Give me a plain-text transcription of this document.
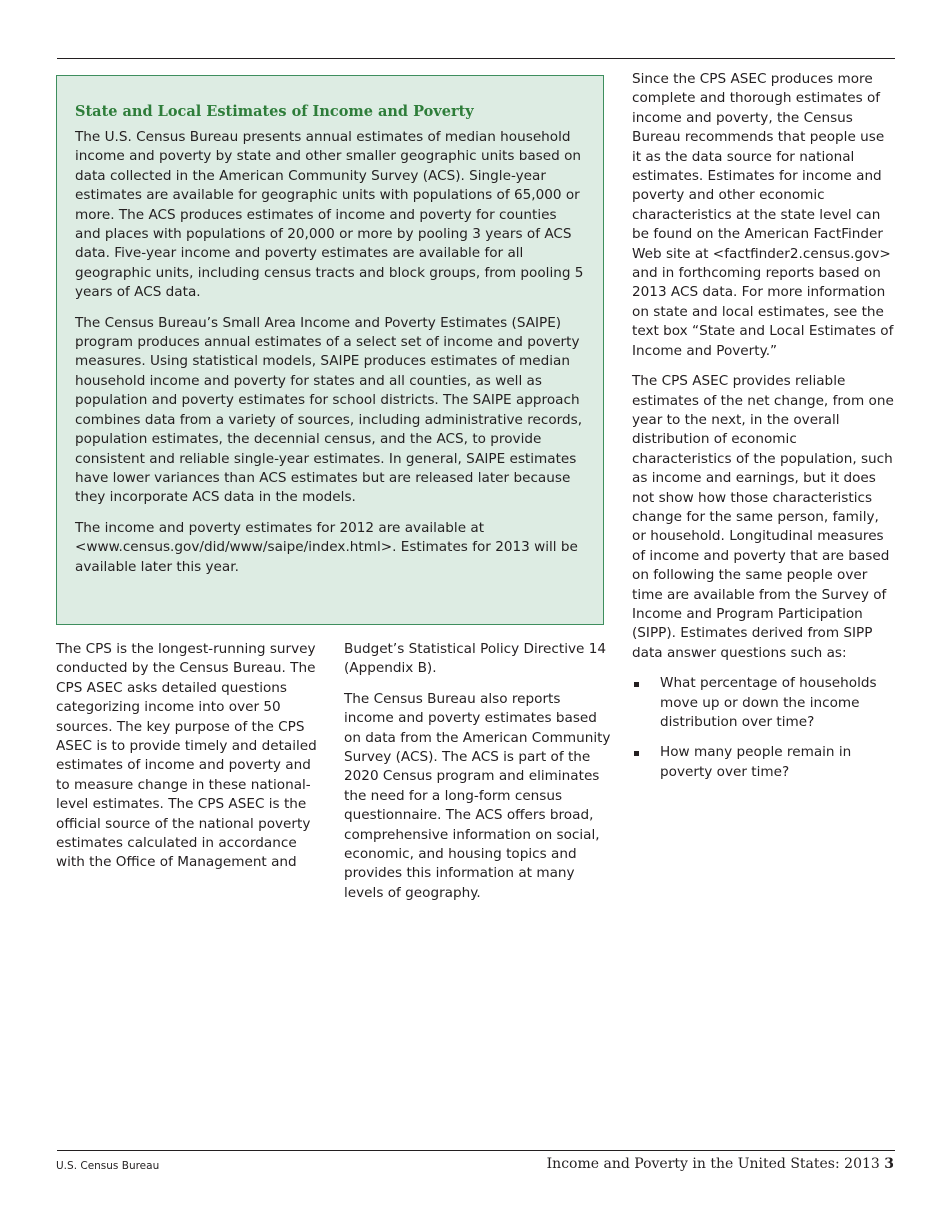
State and Local Estimates of Income and Poverty

The U.S. Census Bureau presents annual estimates of median household income and poverty by state and other smaller geographic units based on data collected in the American Community Survey (ACS). Single-year estimates are available for geographic units with populations of 65,000 or more. The ACS produces estimates of income and poverty for counties and places with populations of 20,000 or more by pooling 3 years of ACS data. Five-year income and poverty estimates are available for all geographic units, including census tracts and block groups, from pooling 5 years of ACS data.

The Census Bureau’s Small Area Income and Poverty Estimates (SAIPE) program produces annual estimates of a select set of income and poverty measures. Using statistical models, SAIPE produces estimates of median household income and poverty for states and all counties, as well as population and poverty estimates for school districts. The SAIPE approach combines data from a variety of sources, including administrative records, population estimates, the decennial census, and the ACS, to provide consistent and reliable single-year estimates. In general, SAIPE estimates have lower variances than ACS estimates but are released later because they incorporate ACS data in the models.

The income and poverty estimates for 2012 are available at <www.census.gov/did/www/saipe/index.html>. Estimates for 2013 will be available later this year.

The CPS is the longest-running survey conducted by the Census Bureau. The CPS ASEC asks detailed questions categorizing income into over 50 sources. The key purpose of the CPS ASEC is to provide timely and detailed estimates of income and poverty and to measure change in these national-level estimates. The CPS ASEC is the official source of the national poverty estimates calculated in accordance with the Office of Management and

Budget’s Statistical Policy Directive 14 (Appendix B).

The Census Bureau also reports income and poverty estimates based on data from the American Community Survey (ACS). The ACS is part of the 2020 Census program and eliminates the need for a long-form census questionnaire. The ACS offers broad, comprehensive information on social, economic, and housing topics and provides this information at many levels of geography.

Since the CPS ASEC produces more complete and thorough estimates of income and poverty, the Census Bureau recommends that people use it as the data source for national estimates. Estimates for income and poverty and other economic characteristics at the state level can be found on the American FactFinder Web site at <factfinder2.census.gov> and in forthcoming reports based on 2013 ACS data. For more information on state and local estimates, see the text box “State and Local Estimates of Income and Poverty.”

The CPS ASEC provides reliable estimates of the net change, from one year to the next, in the overall distribution of economic characteristics of the population, such as income and earnings, but it does not show how those characteristics change for the same person, family, or household. Longitudinal measures of income and poverty that are based on following the same people over time are available from the Survey of Income and Program Participation (SIPP). Estimates derived from SIPP data answer questions such as:

What percentage of households move up or down the income distribution over time?
How many people remain in poverty over time?
U.S. Census Bureau	Income and Poverty in the United States: 2013 3
